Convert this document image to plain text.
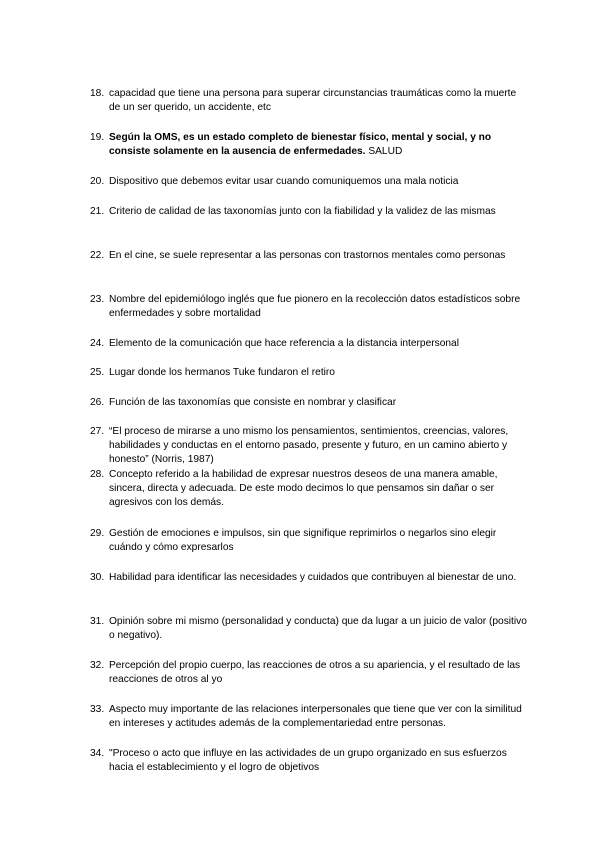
18. capacidad que tiene una persona para superar circunstancias traumáticas como la muerte de un ser querido, un accidente, etc
19. Según la OMS, es un estado completo de bienestar físico, mental y social, y no consiste solamente en la ausencia de enfermedades. SALUD
20. Dispositivo que debemos evitar usar cuando comuniquemos una mala noticia
21. Criterio de calidad de las taxonomías junto con la fiabilidad y la validez de las mismas
22. En el cine, se suele representar a las personas con trastornos mentales como personas
23. Nombre del epidemiólogo inglés que fue pionero en la recolección datos estadísticos sobre enfermedades y sobre mortalidad
24. Elemento de la comunicación que hace referencia a la distancia interpersonal
25. Lugar donde los hermanos Tuke fundaron el retiro
26. Función de las taxonomías que consiste en nombrar y clasificar
27. “El proceso de mirarse a uno mismo los pensamientos, sentimientos, creencias, valores, habilidades y conductas en el entorno pasado, presente y futuro, en un camino abierto y honesto” (Norris, 1987)
28. Concepto referido a la habilidad de expresar nuestros deseos de una manera amable, sincera, directa y adecuada. De este modo decimos lo que pensamos sin dañar o ser agresivos con los demás.
29. Gestión de emociones e impulsos, sin que signifique reprimirlos o negarlos sino elegir cuándo y cómo expresarlos
30. Habilidad para identificar las necesidades y cuidados que contribuyen al bienestar de uno.
31. Opinión sobre mi mismo (personalidad y conducta) que da lugar a un juicio de valor (positivo o negativo).
32. Percepción del propio cuerpo, las reacciones de otros a su apariencia, y el resultado de las reacciones de otros al yo
33. Aspecto muy importante de las relaciones interpersonales que tiene que ver con la similitud en intereses y actitudes además de la complementariedad entre personas.
34. "Proceso o acto que influye en las actividades de un grupo organizado en sus esfuerzos hacia el establecimiento y el logro de objetivos
